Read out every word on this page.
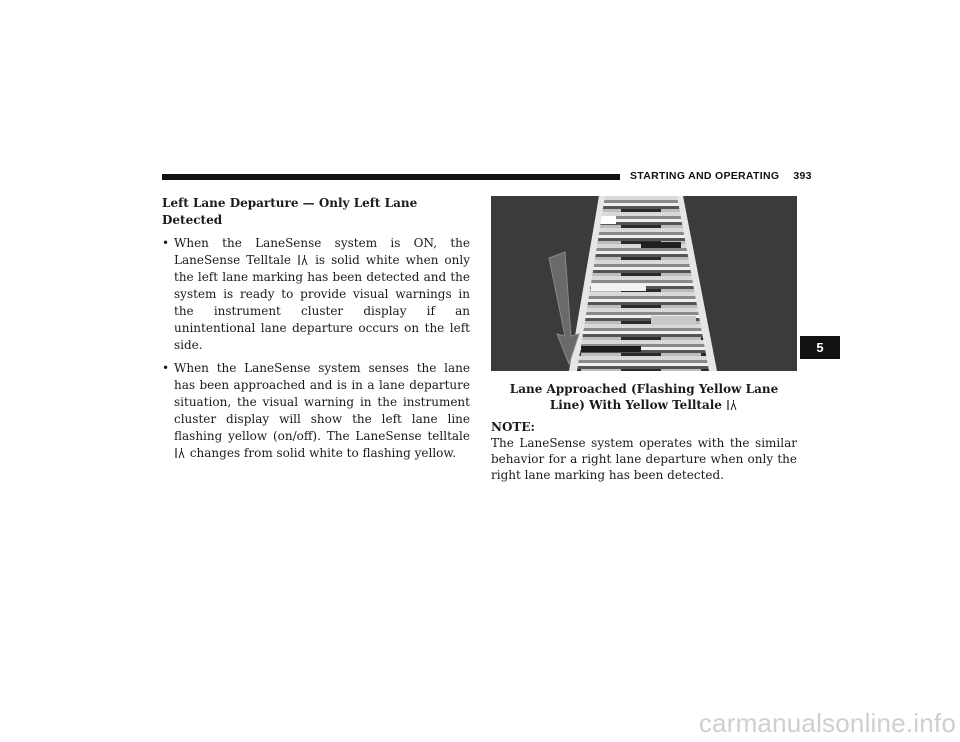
STARTING AND OPERATING 393
Left Lane Departure — Only Left Lane Detected
• When the LaneSense system is ON, the LaneSense Telltale is solid white when only the left lane marking has been detected and the system is ready to provide visual warnings in the instrument cluster display if an unintentional lane departure occurs on the left side.
• When the LaneSense system senses the lane has been approached and is in a lane departure situation, the visual warning in the instrument cluster display will show the left lane line flashing yellow (on/off). The LaneSense telltale  changes from solid white to flashing yellow.
Lane Approached (Flashing Yellow Lane Line) With Yellow Telltale
NOTE:
The LaneSense system operates with the similar behavior for a right lane departure when only the right lane marking has been detected.
5
carmanualsonline.info
